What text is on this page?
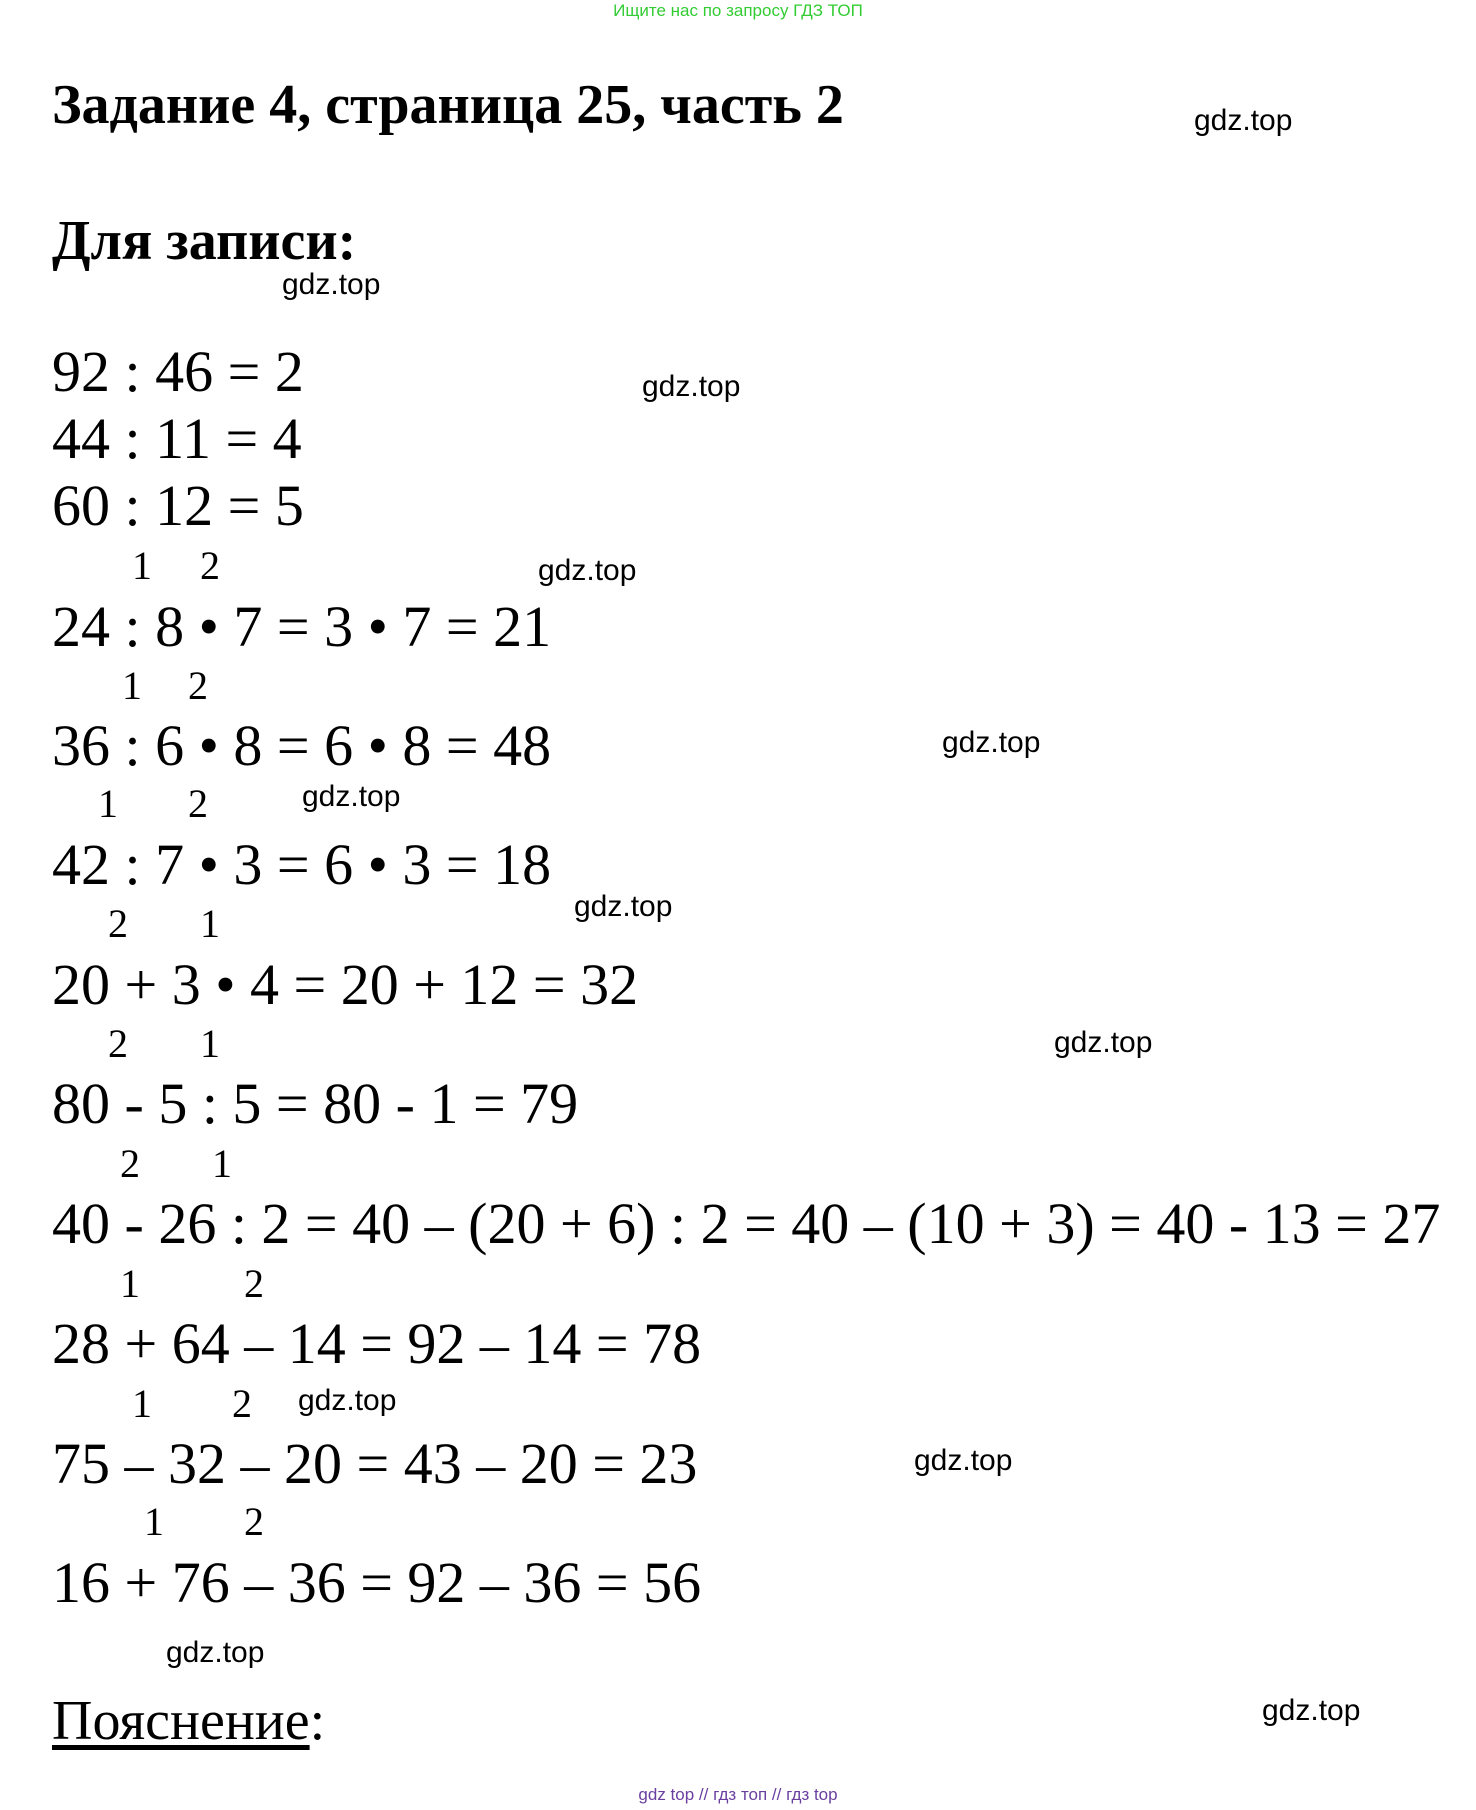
Ищите нас по запросу ГДЗ ТОП
Задание 4, страница 25, часть 2
Для записи:
gdz.top
gdz.top
gdz.top
gdz.top
gdz.top
gdz.top
gdz.top
gdz.top
gdz.top
gdz.top
gdz.top
gdz.top
92 : 46 = 2
44 : 11 = 4
60 : 12 = 5
1 2
24 : 8 • 7 = 3 • 7 = 21
1 2
36 : 6 • 8 = 6 • 8 = 48
1 2
42 : 7 • 3 = 6 • 3 = 18
2 1
20 + 3 • 4 = 20 + 12 = 32
2 1
80 - 5 : 5 = 80 - 1 = 79
2 1
40 - 26 : 2 = 40 – (20 + 6) : 2 = 40 – (10 + 3) = 40 - 13 = 27
1	2
28 + 64 – 14 = 92 – 14 = 78
1 2
75 – 32 – 20 = 43 – 20 = 23
1 2
16 + 76 – 36 = 92 – 36 = 56
Пояснение:
gdz top // гдз топ // гдз top
